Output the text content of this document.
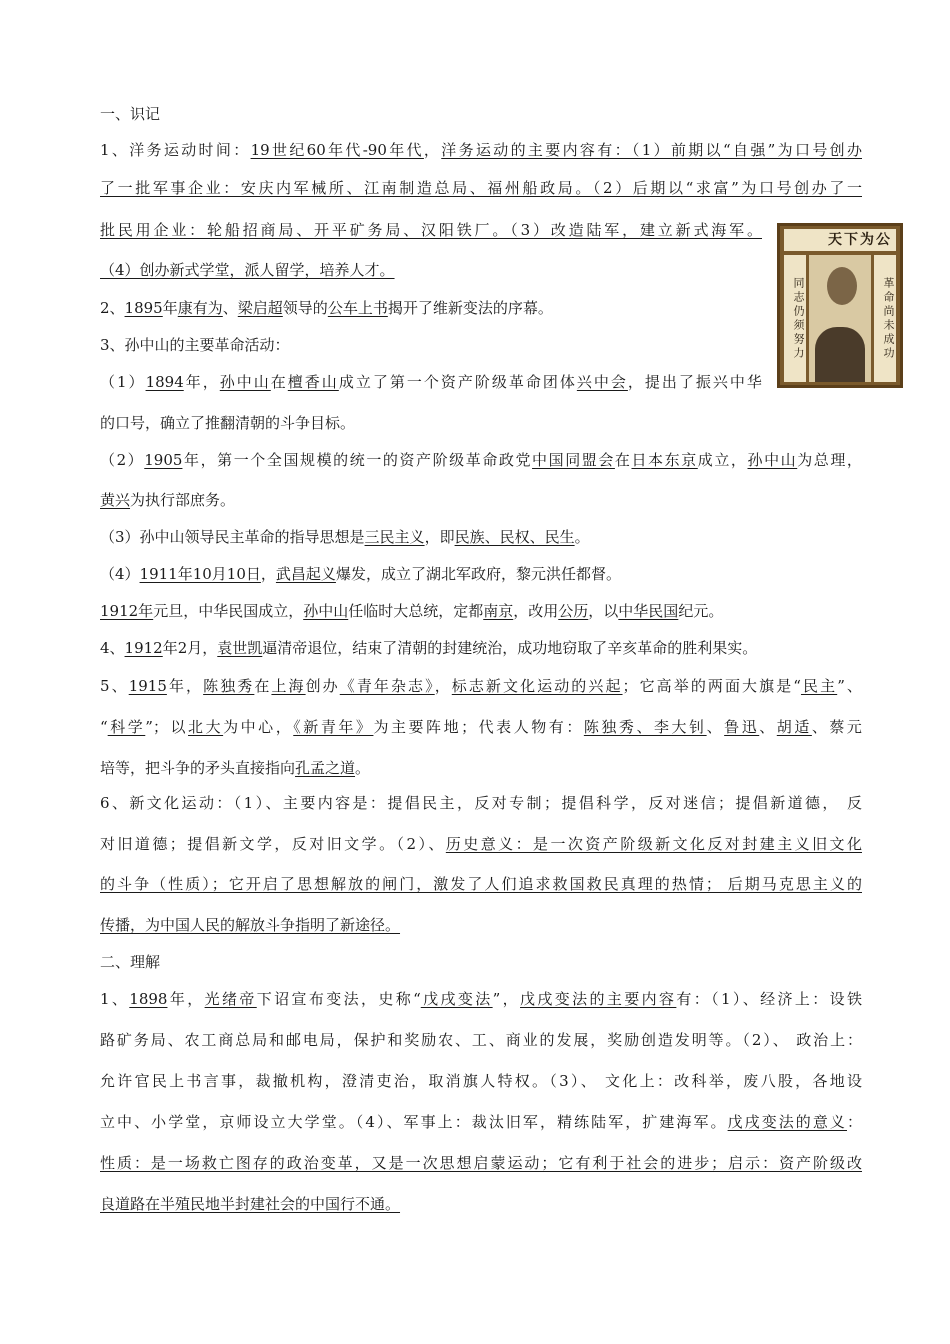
一、识记
1、洋务运动时间：19世纪60年代-90年代，洋务运动的主要内容有：（1）前期以“自强”为口号创办
了一批军事企业：安庆内军械所、江南制造总局、福州船政局。（2）后期以“求富”为口号创办了一
批民用企业：轮船招商局、开平矿务局、汉阳铁厂。（3）改造陆军，建立新式海军。
（4）创办新式学堂，派人留学，培养人才。
2、1895年康有为、梁启超领导的公车上书揭开了维新变法的序幕。
3、孙中山的主要革命活动：
（1）1894年，孙中山在檀香山成立了第一个资产阶级革命团体兴中会，提出了振兴中华
的口号，确立了推翻清朝的斗争目标。
（2）1905年，第一个全国规模的统一的资产阶级革命政党中国同盟会在日本东京成立，孙中山为总理，
黄兴为执行部庶务。
（3）孙中山领导民主革命的指导思想是三民主义，即民族、民权、民生。
（4）1911年10月10日，武昌起义爆发，成立了湖北军政府，黎元洪任都督。
1912年元旦，中华民国成立，孙中山任临时大总统，定都南京，改用公历，以中华民国纪元。
4、1912年2月，袁世凯逼清帝退位，结束了清朝的封建统治，成功地窃取了辛亥革命的胜利果实。
5、1915年，陈独秀在上海创办《青年杂志》，标志新文化运动的兴起；它高举的两面大旗是“民主”、
“科学”；以北大为中心，《新青年》为主要阵地；代表人物有：陈独秀、李大钊、鲁迅、胡适、蔡元
培等，把斗争的矛头直接指向孔孟之道。
6、新文化运动：（1）、主要内容是：提倡民主，反对专制；提倡科学，反对迷信；提倡新道德， 反
对旧道德；提倡新文学，反对旧文学。（2）、历史意义：是一次资产阶级新文化反对封建主义旧文化
的斗争（性质）；它开启了思想解放的闸门，激发了人们追求救国救民真理的热情； 后期马克思主义的
传播，为中国人民的解放斗争指明了新途径。
二、理解
1、1898年，光绪帝下诏宣布变法，史称“戊戌变法”，戊戌变法的主要内容有：（1）、经济上：设铁
路矿务局、农工商总局和邮电局，保护和奖励农、工、商业的发展，奖励创造发明等。（2）、 政治上：
允许官民上书言事，裁撤机构，澄清吏治，取消旗人特权。（3）、 文化上：改科举，废八股，各地设
立中、小学堂，京师设立大学堂。（4）、军事上：裁汰旧军，精练陆军，扩建海军。戊戌变法的意义：
性质：是一场救亡图存的政治变革，又是一次思想启蒙运动；它有利于社会的进步；启示：资产阶级改
良道路在半殖民地半封建社会的中国行不通。
天下为公
同志仍须努力	革命尚未成功
